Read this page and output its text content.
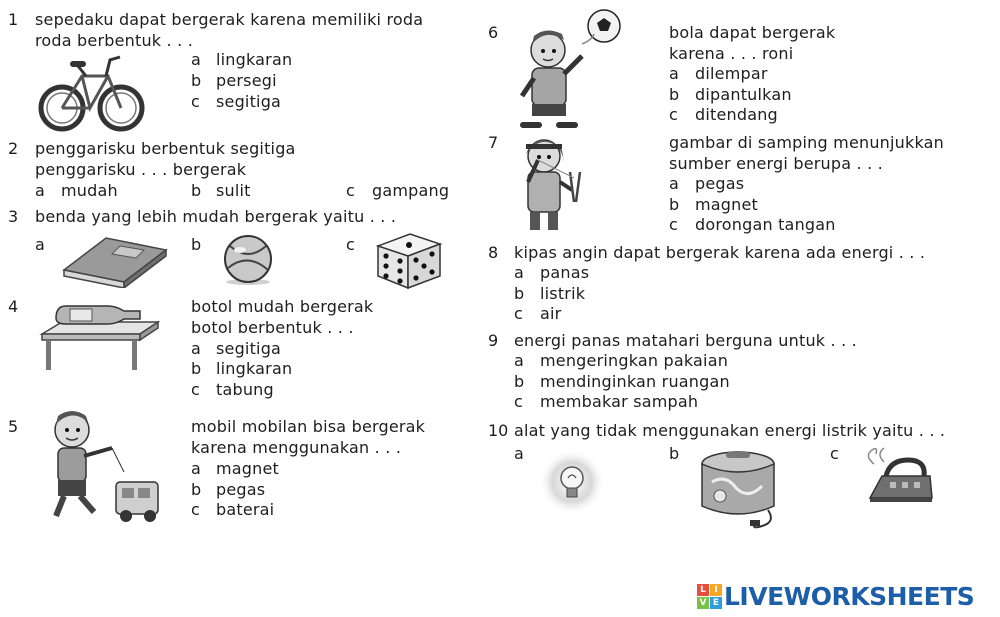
1 sepedaku dapat bergerak karena memiliki roda
roda berbentuk . . .
a lingkaran
b persegi
c segitiga
2 penggarisku berbentuk segitiga
penggarisku . . . bergerak
a mudah	b sulit	c gampang
3 benda yang lebih mudah bergerak yaitu . . .
a	b	c
4	botol mudah bergerak
botol berbentuk . . .
a segitiga
b lingkaran
c tabung
5	mobil mobilan bisa bergerak
karena menggunakan . . .
a magnet
b pegas
c baterai
6	bola dapat bergerak
karena . . . roni
a dilempar
b dipantulkan
c ditendang
7	gambar di samping menunjukkan
sumber energi berupa . . .
a pegas
b magnet
c dorongan tangan
8 kipas angin dapat bergerak karena ada energi . . .
a panas
b listrik
c air
9 energi panas matahari berguna untuk . . .
a mengeringkan pakaian
b mendinginkan ruangan
c membakar sampah
10 alat yang tidak menggunakan energi listrik yaitu . . .
a	b	c
L I
V E LIVEWORKSHEETS
